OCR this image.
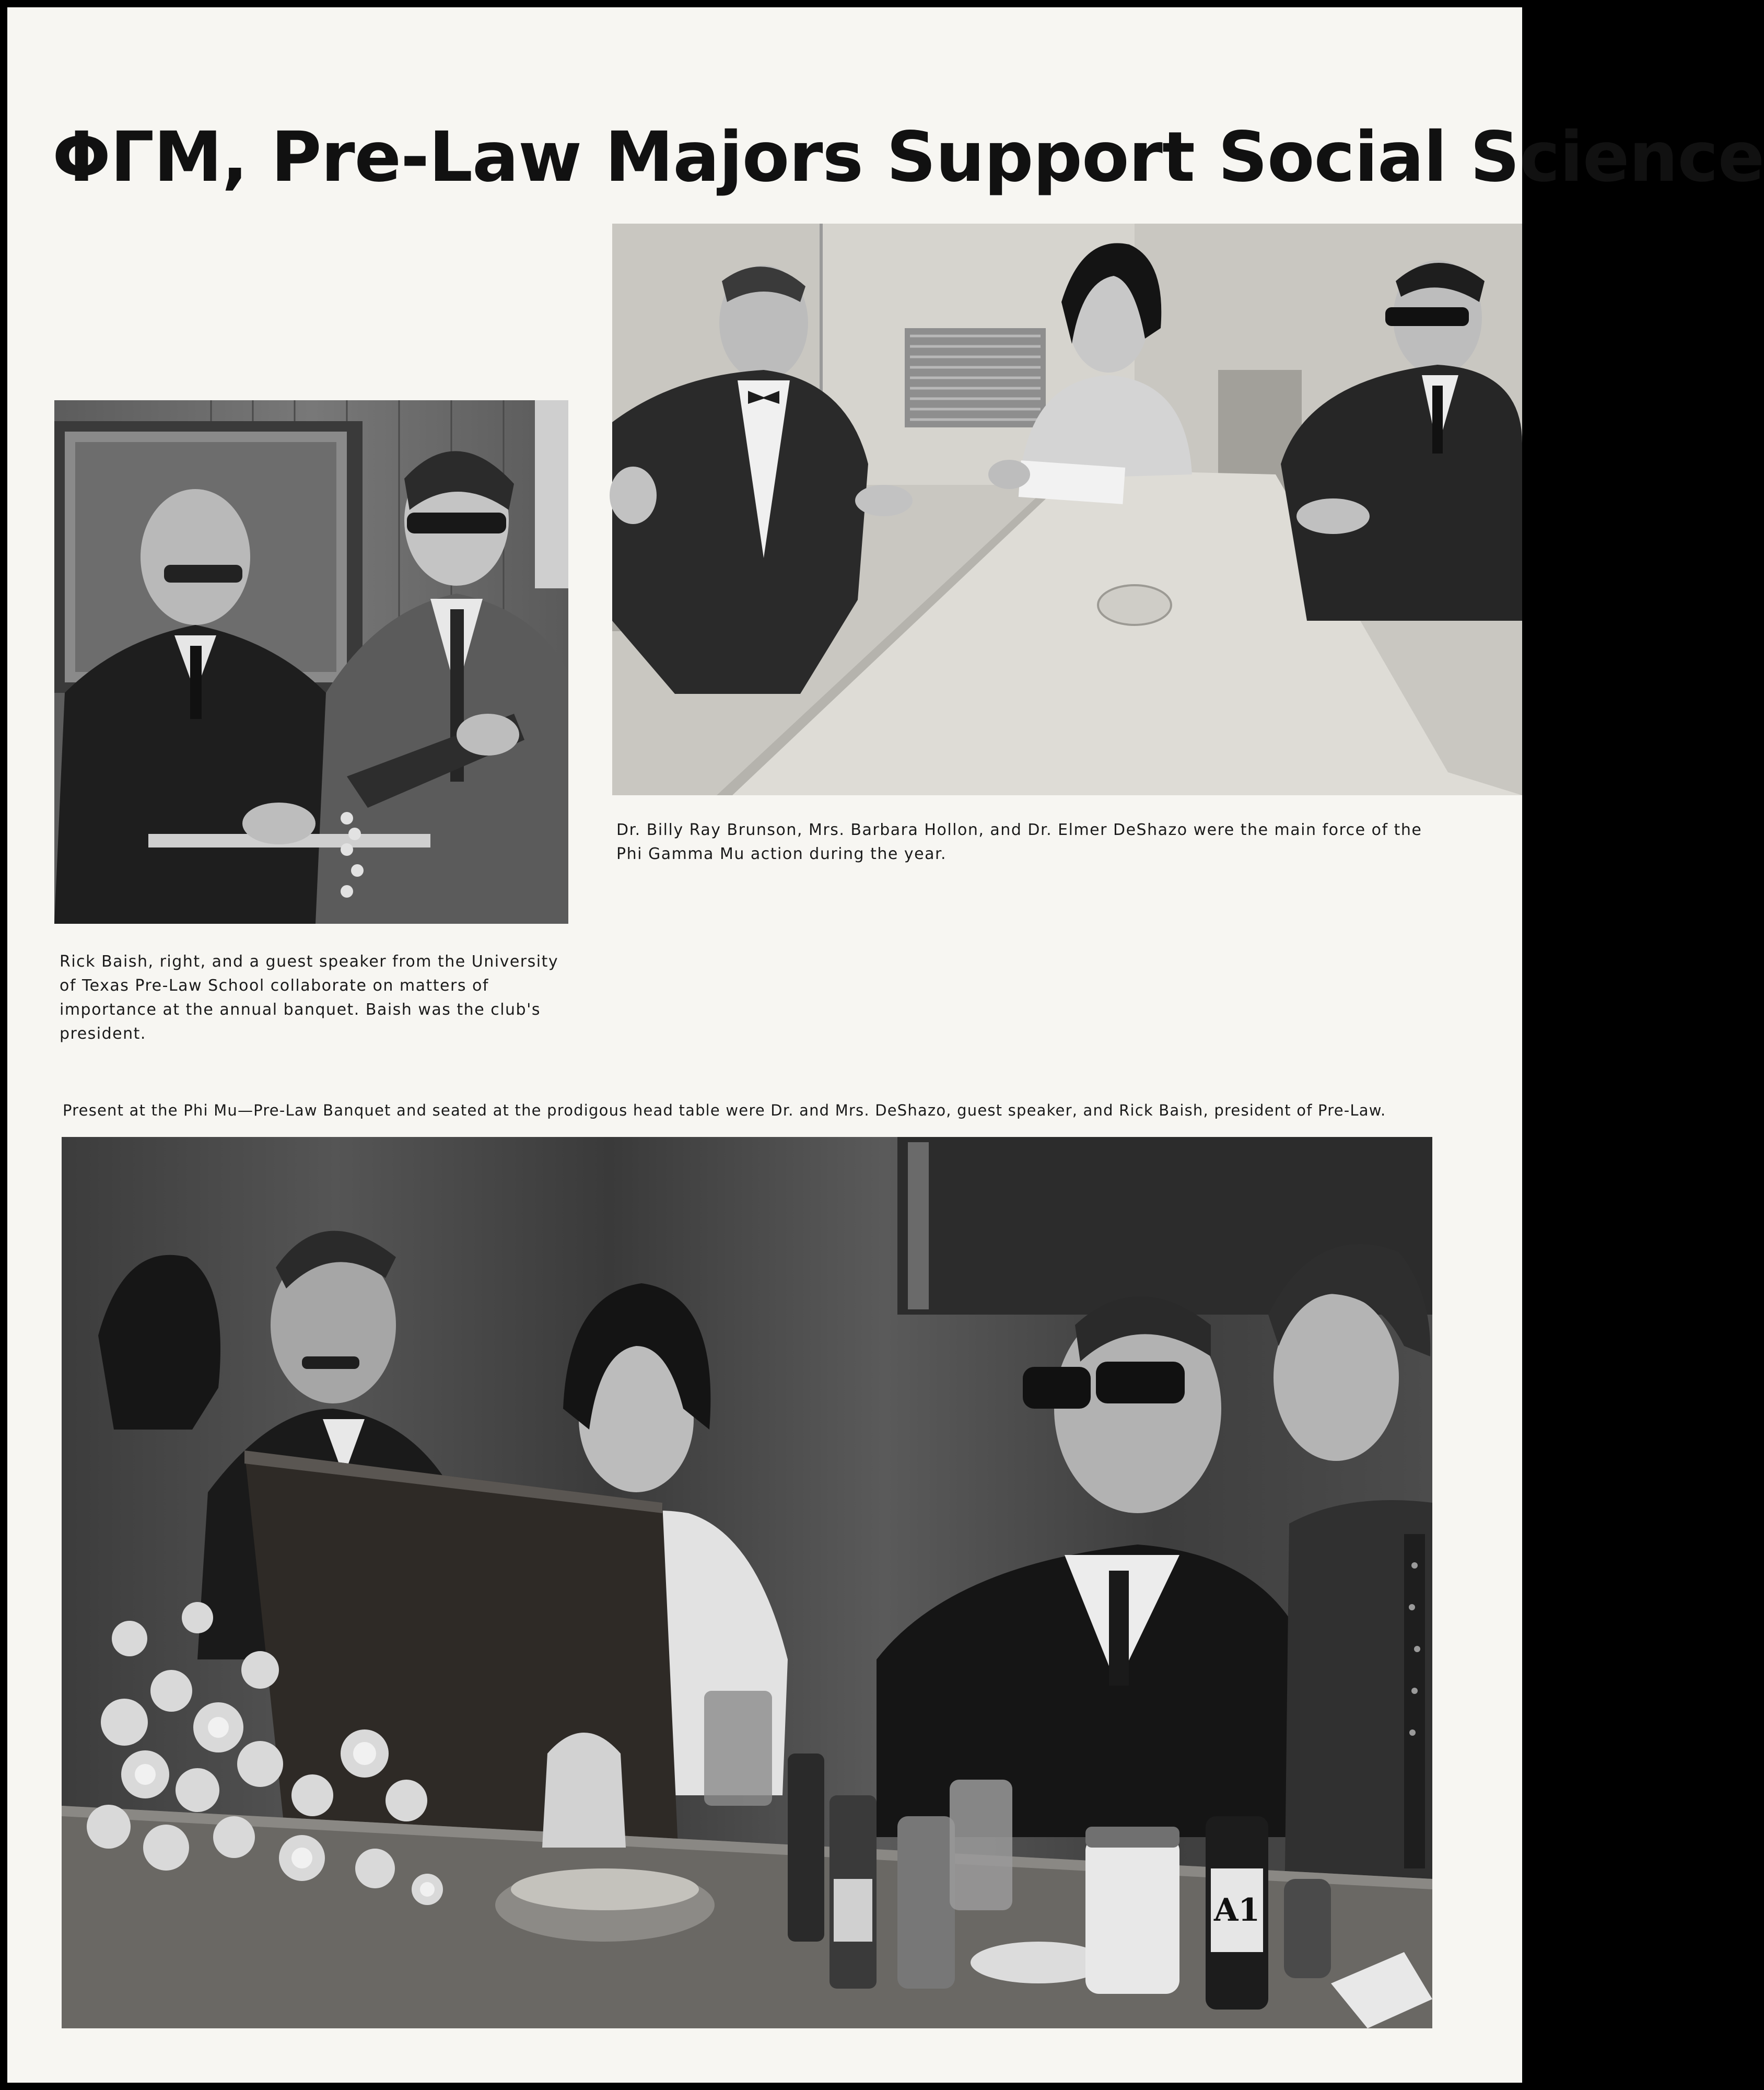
ΦΓΜ, Pre-Law Majors Support Social Science

Rick Baish, right, and a guest speaker from the University of Texas Pre-Law School collaborate on matters of importance at the annual banquet. Baish was the club's president.

Dr. Billy Ray Brunson, Mrs. Barbara Hollon, and Dr. Elmer DeShazo were the main force of the Phi Gamma Mu action during the year.

Present at the Phi Mu—Pre-Law Banquet and seated at the prodigous head table were Dr. and Mrs. DeShazo, guest speaker, and Rick Baish, president of Pre-Law.

A1
